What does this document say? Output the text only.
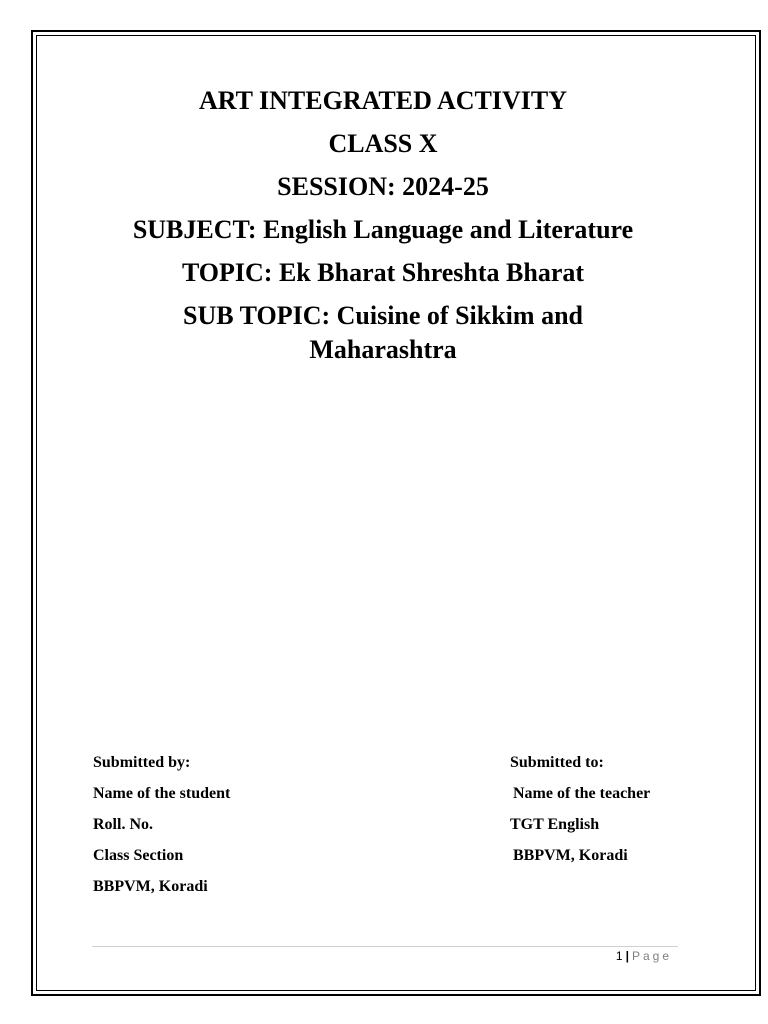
ART INTEGRATED ACTIVITY
CLASS X
SESSION: 2024-25
SUBJECT: English Language and Literature
TOPIC: Ek Bharat Shreshta Bharat
SUB TOPIC: Cuisine of Sikkim and
Maharashtra
Submitted by:
Name of the student
Roll. No.
Class Section
BBPVM, Koradi
Submitted to:
Name of the teacher
TGT English
BBPVM, Koradi
1 | Page
